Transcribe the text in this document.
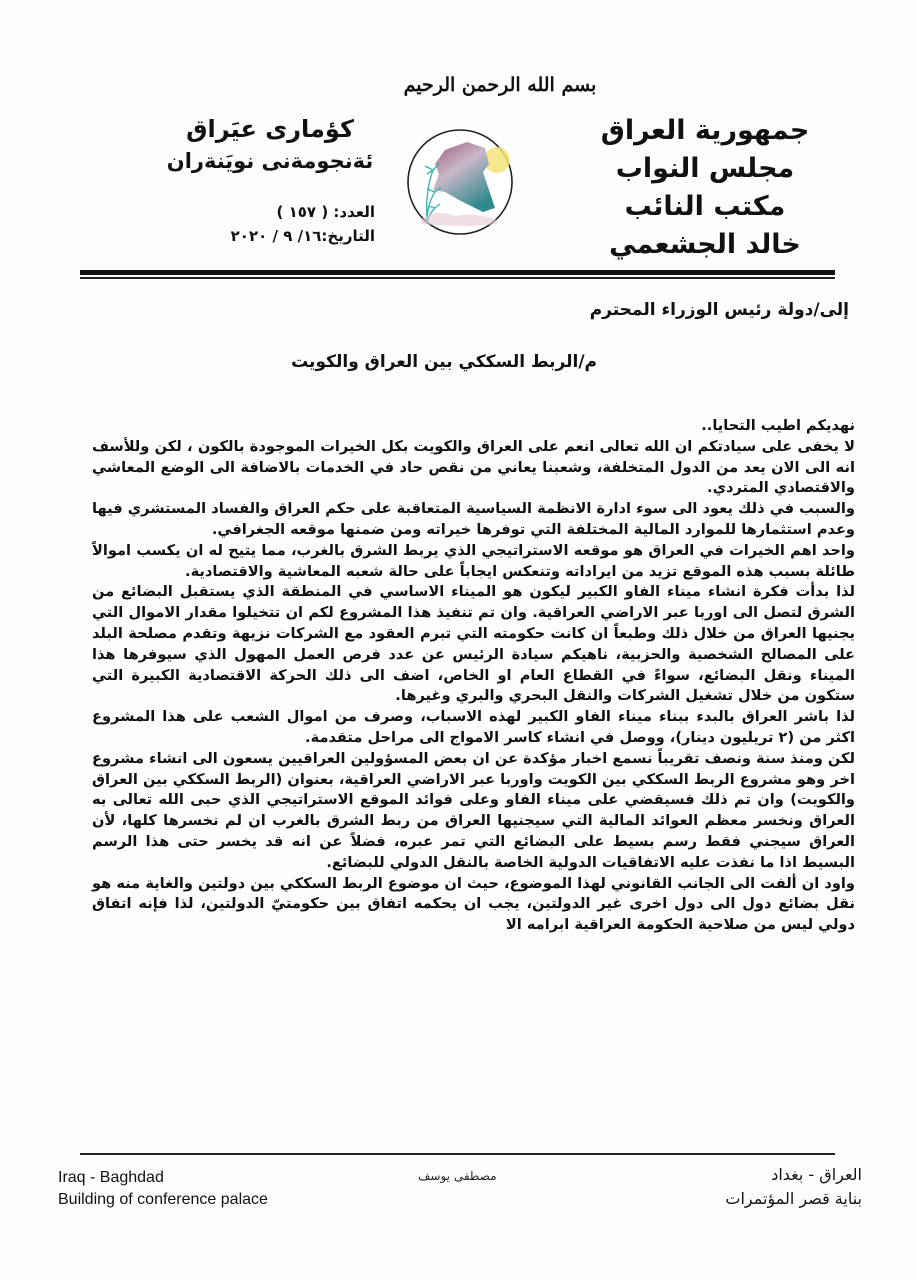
بسم الله الرحمن الرحيم
جمهورية العراق
مجلس النواب
مكتب النائب
خالد الجشعمي
كؤمارى عيَراق
ئةنجومةنى نويَنةران
العدد: ( ١٥٧ )
التاريخ:١٦/ ٩ / ٢٠٢٠
إلى/دولة رئيس الوزراء المحترم
م/الربط السككي بين العراق والكويت

نهديكم اطيب التحايا..

لا يخفى على سيادتكم ان الله تعالى انعم على العراق والكويت بكل الخيرات الموجودة بالكون ، لكن وللأسف انه الى الان يعد من الدول المتخلفة، وشعبنا يعاني من نقص حاد في الخدمات بالاضافة الى الوضع المعاشي والاقتصادي المتردي.

والسبب في ذلك يعود الى سوء ادارة الانظمة السياسية المتعاقبة على حكم العراق والفساد المستشري فيها وعدم استثمارها للموارد المالية المختلفة التي توفرها خيراته ومن ضمنها موقعه الجغرافي.

واحد اهم الخيرات في العراق هو موقعه الاستراتيجي الذي يربط الشرق بالغرب، مما يتيح له ان يكسب اموالاً طائلة بسبب هذه الموقع تزيد من ايراداته وتنعكس ايجاباً على حالة شعبه المعاشية والاقتصادية.

لذا بدأت فكرة انشاء ميناء الفاو الكبير ليكون هو الميناء الاساسي في المنطقة الذي يستقبل البضائع من الشرق لتصل الى اوربا عبر الاراضي العراقية. وان تم تنفيذ هذا المشروع لكم ان تتخيلوا مقدار الاموال التي يجنيها العراق من خلال ذلك وطبعاً ان كانت حكومته التي تبرم العقود مع الشركات نزيهة وتقدم مصلحة البلد على المصالح الشخصية والحزبية، ناهيكم سيادة الرئيس عن عدد فرص العمل المهول الذي سيوفرها هذا الميناء ونقل البضائع، سواءً في القطاع العام او الخاص، اضف الى ذلك الحركة الاقتصادية الكبيرة التي ستكون من خلال تشغيل الشركات والنقل البحري والبري وغيرها.

لذا باشر العراق بالبدء ببناء ميناء الفاو الكبير لهذه الاسباب، وصرف من اموال الشعب على هذا المشروع اكثر من (٢ تريليون دينار)، ووصل في انشاء كاسر الامواج الى مراحل متقدمة.

لكن ومنذ سنة ونصف تقريباً نسمع اخبار مؤكدة عن ان بعض المسؤولين العراقيين يسعون الى انشاء مشروع اخر وهو مشروع الربط السككي بين الكويت واوربا عبر الاراضي العراقية، بعنوان (الربط السككي بين العراق والكويت) وان تم ذلك فسيقضي على ميناء الفاو وعلى فوائد الموقع الاستراتيجي الذي حبى الله تعالى به العراق ونخسر معظم العوائد المالية التي سيجنيها العراق من ربط الشرق بالغرب ان لم نخسرها كلها، لأن العراق سيجني فقط رسم بسيط على البضائع التي تمر عبره، فضلاً عن انه قد يخسر حتى هذا الرسم البسيط اذا ما نفذت عليه الاتفاقيات الدولية الخاصة بالنقل الدولي للبضائع.

واود ان ألفت الى الجانب القانوني لهذا الموضوع، حيث ان موضوع الربط السككي بين دولتين والغاية منه هو نقل بضائع دول الى دول اخرى غير الدولتين، يجب ان يحكمه اتفاق بين حكومتيّ الدولتين، لذا فإنه اتفاق دولي ليس من صلاحية الحكومة العراقية ابرامه الا

Iraq - Baghdad
Building of conference palace
مصطفى يوسف	العراق - بغداد
بناية قصر المؤتمرات
